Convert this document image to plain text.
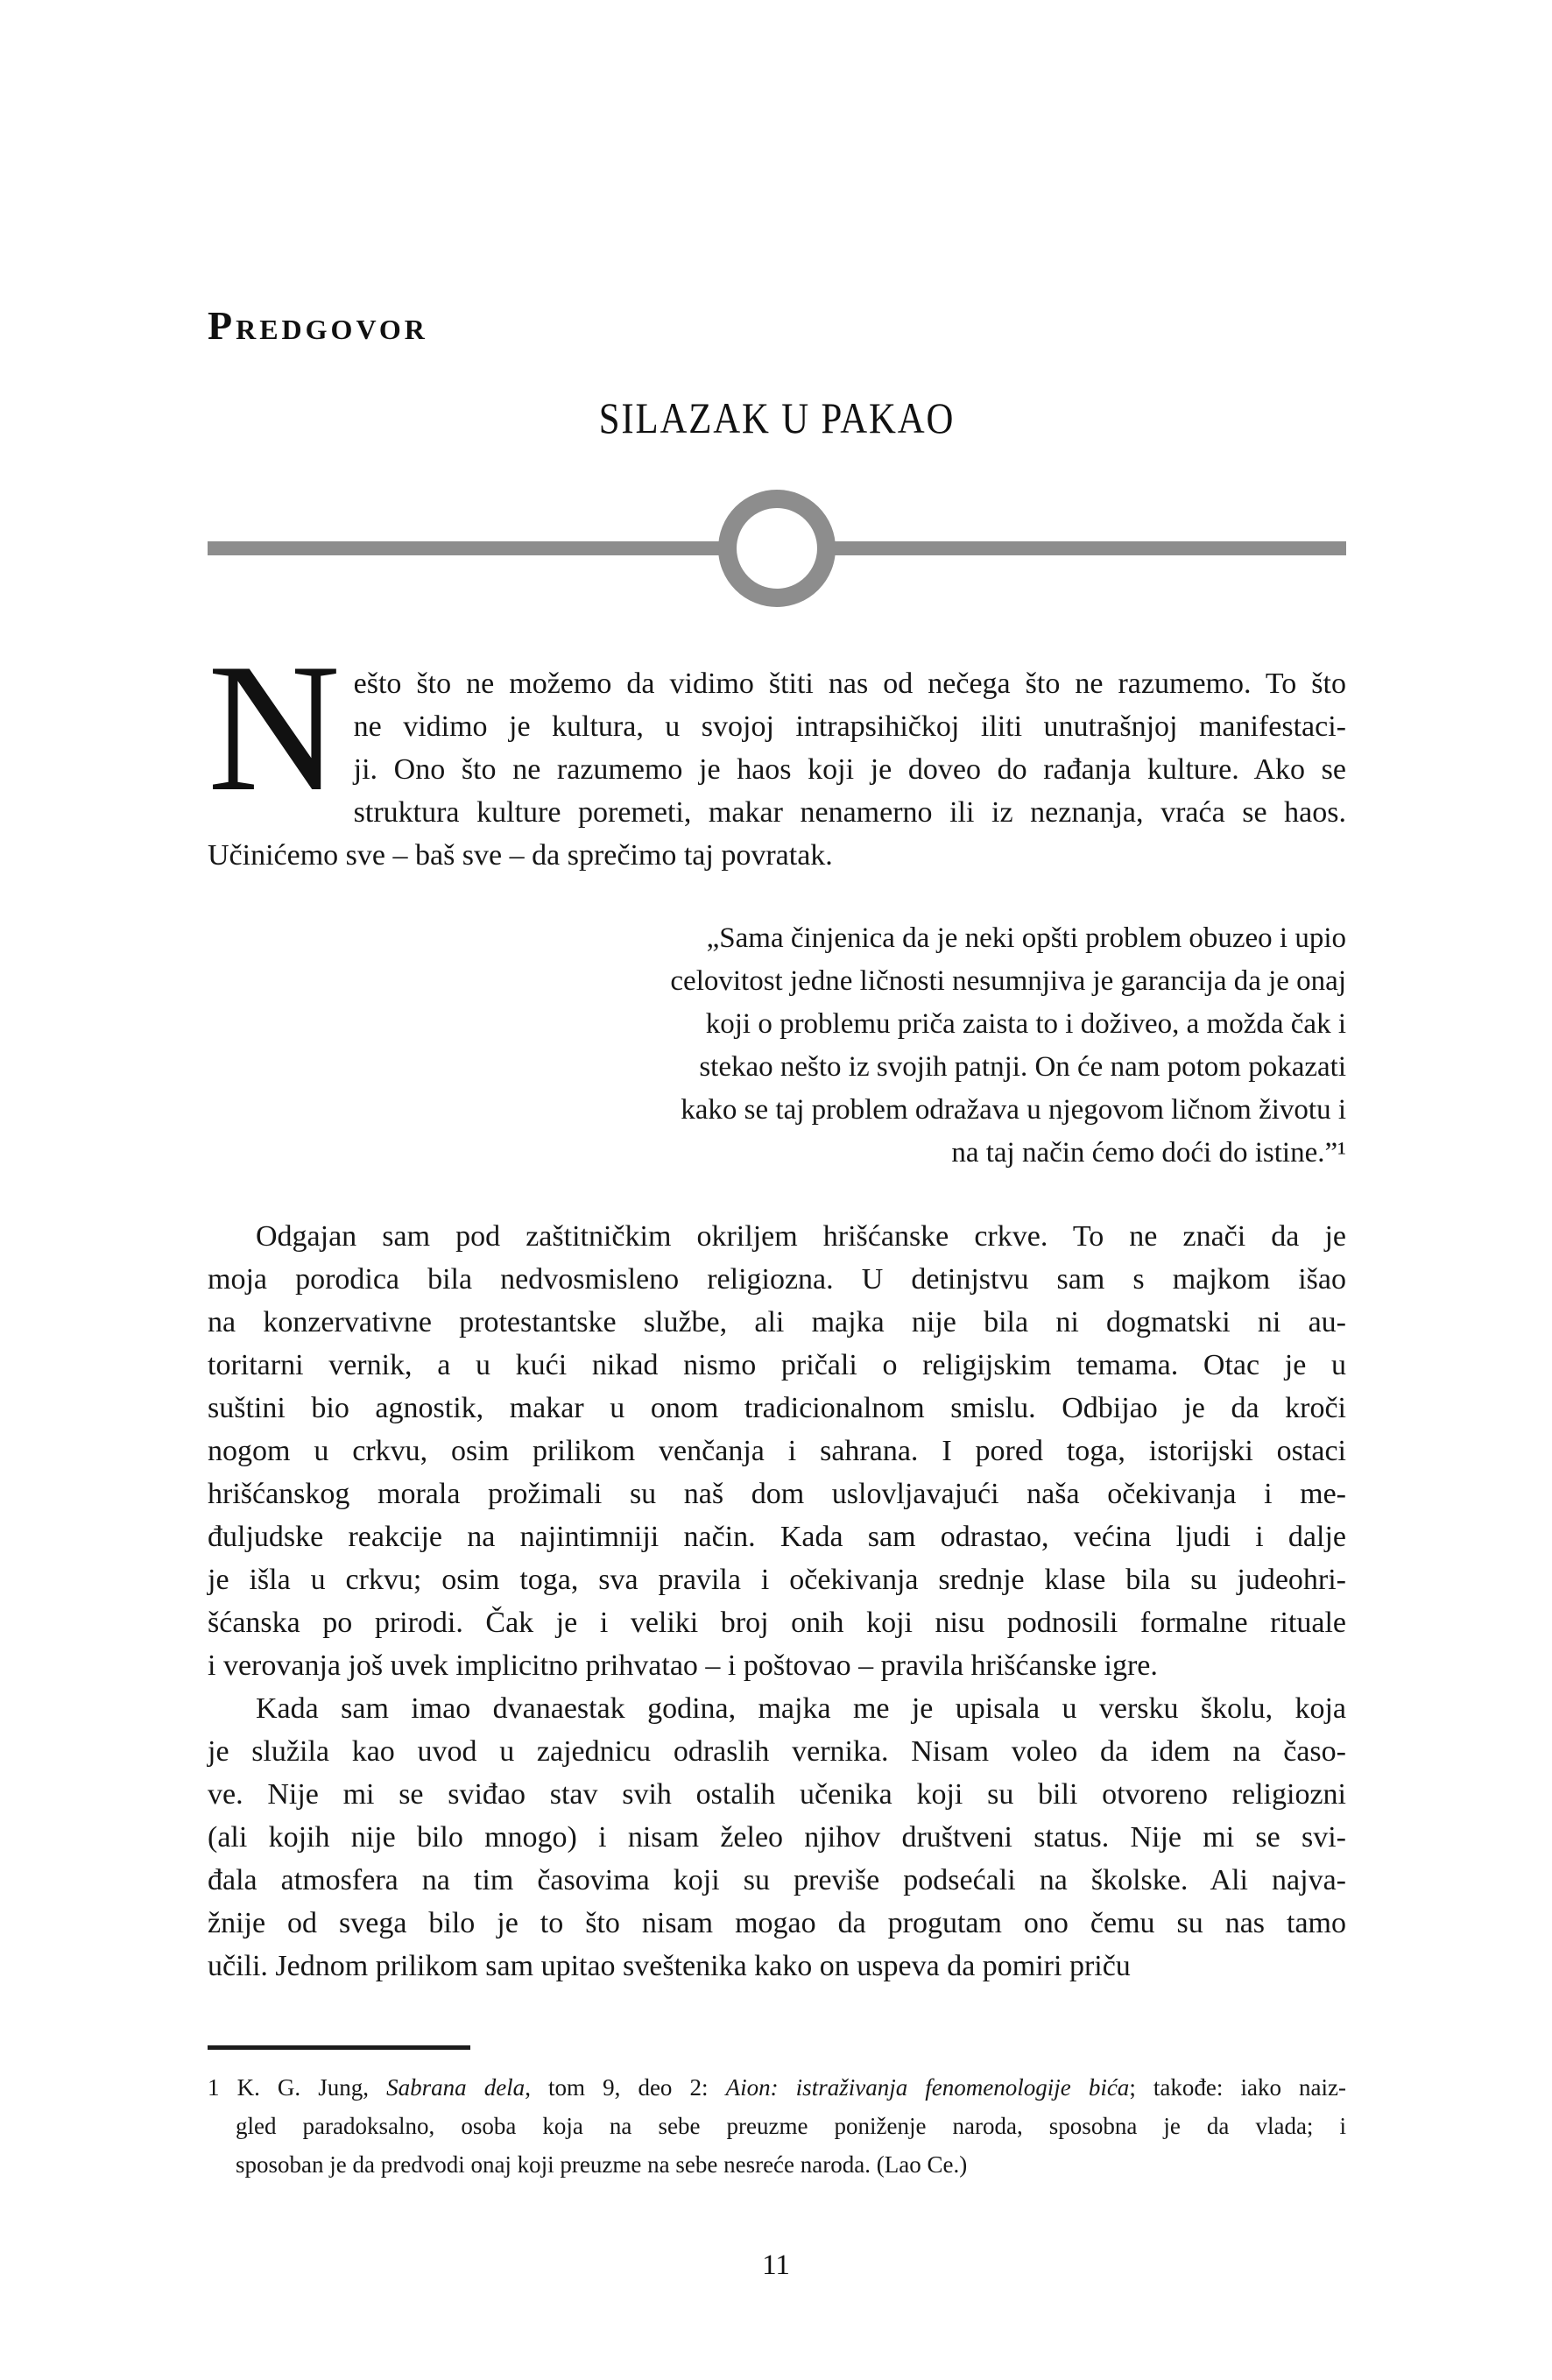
Predgovor
SILAZAK U PAKAO
N ešto što ne možemo da vidimo štiti nas od nečega što ne razumemo. To što
ne vidimo je kultura, u svojoj intrapsihičkoj iliti unutrašnjoj manifestaci-
ji. Ono što ne razumemo je haos koji je doveo do rađanja kulture. Ako se
struktura kulture poremeti, makar nenamerno ili iz neznanja, vraća se haos.
Učinićemo sve – baš sve – da sprečimo taj povratak.
„Sama činjenica da je neki opšti problem obuzeo i upio
celovitost jedne ličnosti nesumnjiva je garancija da je onaj
koji o problemu priča zaista to i doživeo, a možda čak i
stekao nešto iz svojih patnji. On će nam potom pokazati
kako se taj problem odražava u njegovom ličnom životu i
na taj način ćemo doći do istine.”¹
Odgajan sam pod zaštitničkim okriljem hrišćanske crkve. To ne znači da je
moja porodica bila nedvosmisleno religiozna. U detinjstvu sam s majkom išao
na konzervativne protestantske službe, ali majka nije bila ni dogmatski ni au-
toritarni vernik, a u kući nikad nismo pričali o religijskim temama. Otac je u
suštini bio agnostik, makar u onom tradicionalnom smislu. Odbijao je da kroči
nogom u crkvu, osim prilikom venčanja i sahrana. I pored toga, istorijski ostaci
hrišćanskog morala prožimali su naš dom uslovljavajući naša očekivanja i me-
đuljudske reakcije na najintimniji način. Kada sam odrastao, većina ljudi i dalje
je išla u crkvu; osim toga, sva pravila i očekivanja srednje klase bila su judeohri-
šćanska po prirodi. Čak je i veliki broj onih koji nisu podnosili formalne rituale
i verovanja još uvek implicitno prihvatao – i poštovao – pravila hrišćanske igre.
Kada sam imao dvanaestak godina, majka me je upisala u versku školu, koja
je služila kao uvod u zajednicu odraslih vernika. Nisam voleo da idem na časo-
ve. Nije mi se sviđao stav svih ostalih učenika koji su bili otvoreno religiozni
(ali kojih nije bilo mnogo) i nisam želeo njihov društveni status. Nije mi se svi-
đala atmosfera na tim časovima koji su previše podsećali na školske. Ali najva-
žnije od svega bilo je to što nisam mogao da progutam ono čemu su nas tamo
učili. Jednom prilikom sam upitao sveštenika kako on uspeva da pomiri priču
1 K. G. Jung, Sabrana dela, tom 9, deo 2: Aion: istraživanja fenomenologije bića; takođe: iako naiz-
gled paradoksalno, osoba koja na sebe preuzme poniženje naroda, sposobna je da vlada; i
sposoban je da predvodi onaj koji preuzme na sebe nesreće naroda. (Lao Ce.)
11
